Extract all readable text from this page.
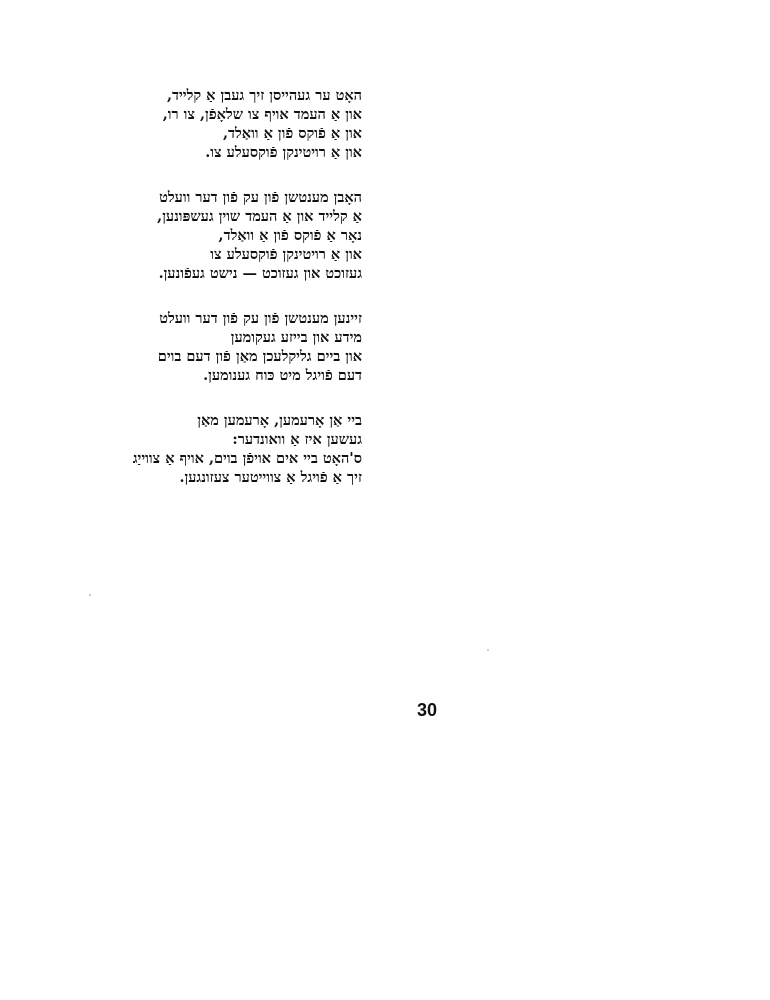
האָט ער געהייסן זיך געבן אַ קלייד,
און אַ העמד אויף צו שלאָפֿן, צו רו,
און אַ פֿוקס פֿון אַ וואַלד,
און אַ רויטינקן פֿוקסעלע צו.
האָבן מענטשן פֿון עק פֿון דער וועלט
אַ קלייד און אַ העמד שוין געשפּונען,
נאָר אַ פֿוקס פֿון אַ וואַלד,
און אַ רויטינקן פֿוקסעלע צו
געזוכט און געזוכט — נישט געפֿונען.
זיינען מענטשן פֿון עק פֿון דער וועלט
מידע און בייזע געקומען
און ביים גליקלעכן מאַן פֿון דעם בוים
דעם פֿויגל מיט כּוח גענומען.
ביי אַן אָרעמען, אָרעמען מאַן
געשען איז אַ וואונדער:
ס'האָט ביי אים אויפֿן בוים, אויף אַ צווייַג
זיך אַ פֿויגל אַ צווייטער צעזונגען.
30
